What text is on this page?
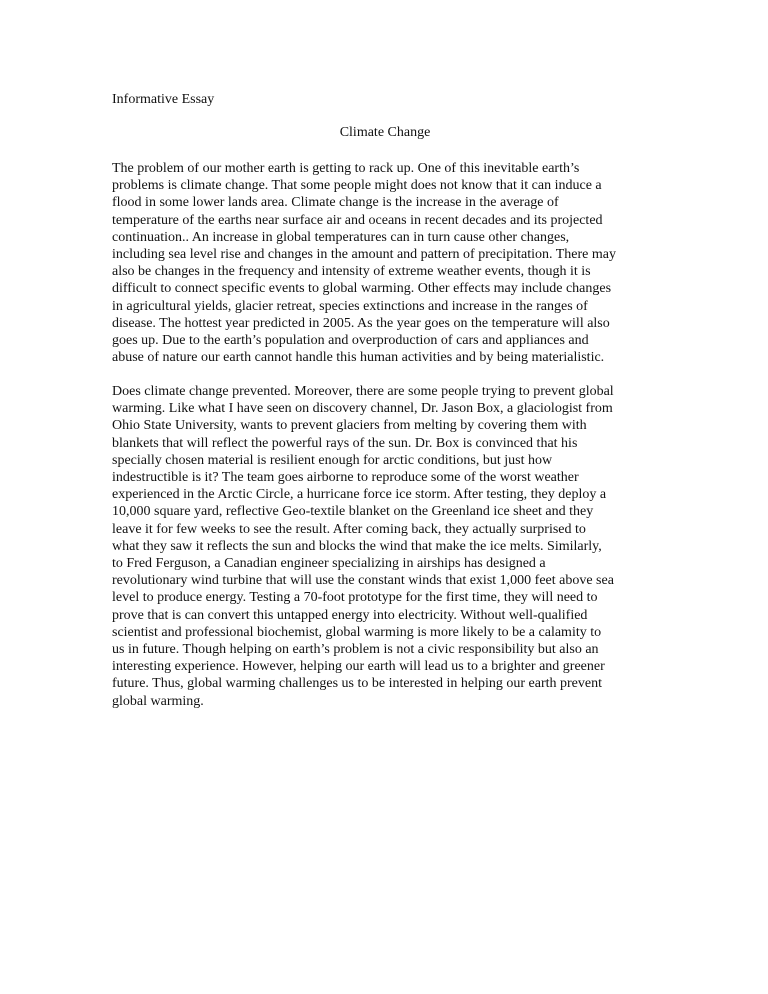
Informative Essay
Climate Change
The problem of our mother earth is getting to rack up. One of this inevitable earth’s
problems is climate change. That some people might does not know that it can induce a
flood in some lower lands area. Climate change is the increase in the average of
temperature of the earths near surface air and oceans in recent decades and its projected
continuation.. An increase in global temperatures can in turn cause other changes,
including sea level rise and changes in the amount and pattern of precipitation. There may
also be changes in the frequency and intensity of extreme weather events, though it is
difficult to connect specific events to global warming. Other effects may include changes
in agricultural yields, glacier retreat, species extinctions and increase in the ranges of
disease. The hottest year predicted in 2005. As the year goes on the temperature will also
goes up. Due to the earth’s population and overproduction of cars and appliances and
abuse of nature our earth cannot handle this human activities and by being materialistic.
Does climate change prevented. Moreover, there are some people trying to prevent global
warming. Like what I have seen on discovery channel, Dr. Jason Box, a glaciologist from
Ohio State University, wants to prevent glaciers from melting by covering them with
blankets that will reflect the powerful rays of the sun. Dr. Box is convinced that his
specially chosen material is resilient enough for arctic conditions, but just how
indestructible is it? The team goes airborne to reproduce some of the worst weather
experienced in the Arctic Circle, a hurricane force ice storm. After testing, they deploy a
10,000 square yard, reflective Geo-textile blanket on the Greenland ice sheet and they
leave it for few weeks to see the result. After coming back, they actually surprised to
what they saw it reflects the sun and blocks the wind that make the ice melts. Similarly,
to Fred Ferguson, a Canadian engineer specializing in airships has designed a
revolutionary wind turbine that will use the constant winds that exist 1,000 feet above sea
level to produce energy. Testing a 70-foot prototype for the first time, they will need to
prove that is can convert this untapped energy into electricity. Without well-qualified
scientist and professional biochemist, global warming is more likely to be a calamity to
us in future. Though helping on earth’s problem is not a civic responsibility but also an
interesting experience. However, helping our earth will lead us to a brighter and greener
future. Thus, global warming challenges us to be interested in helping our earth prevent
global warming.
